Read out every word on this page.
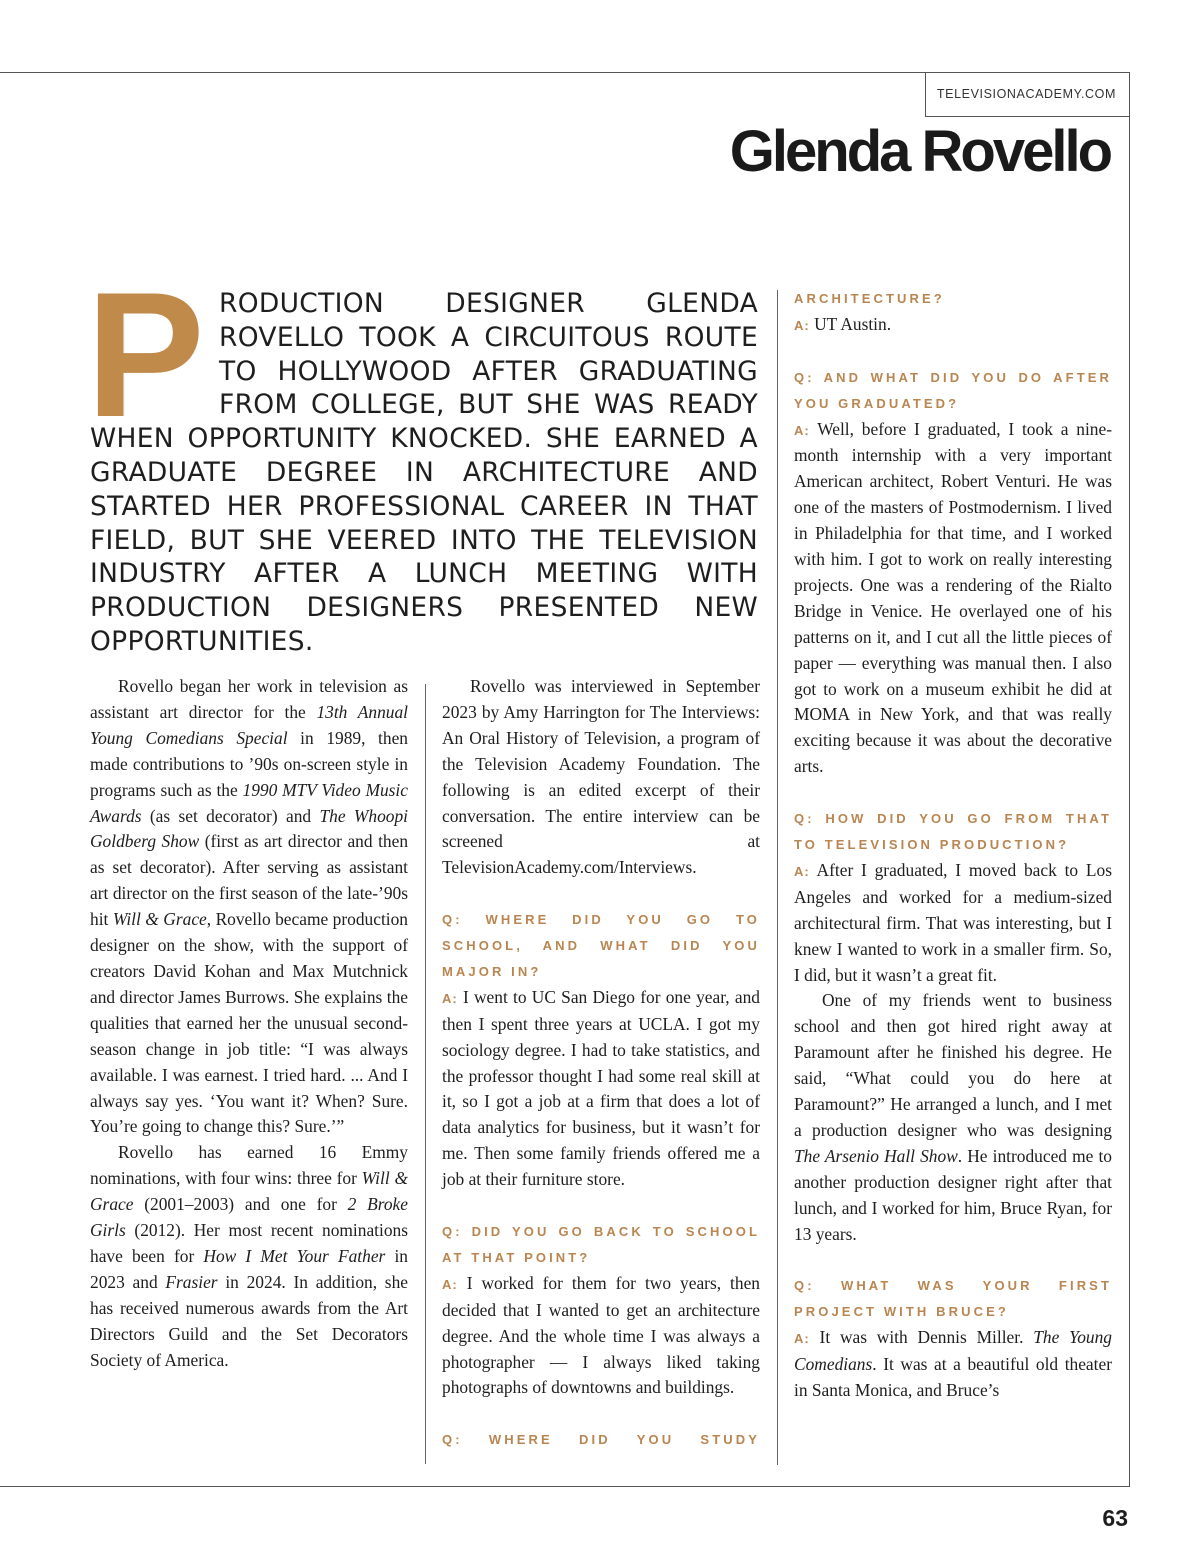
TELEVISIONACADEMY.COM
Glenda Rovello

PRODUCTION DESIGNER GLENDA ROVELLO TOOK A CIRCUITOUS ROUTE TO HOLLYWOOD AFTER GRADUATING FROM COLLEGE, BUT SHE WAS READY WHEN OPPORTUNITY KNOCKED. SHE EARNED A GRADUATE DEGREE IN ARCHITECTURE AND STARTED HER PROFESSIONAL CAREER IN THAT FIELD, BUT SHE VEERED INTO THE TELEVISION INDUSTRY AFTER A LUNCH MEETING WITH PRODUCTION DESIGNERS PRESENTED NEW OPPORTUNITIES.

Rovello began her work in television as assistant art director for the 13th Annual Young Comedians Special in 1989, then made contributions to ’90s on-screen style in programs such as the 1990 MTV Video Music Awards (as set decorator) and The Whoopi Goldberg Show (first as art director and then as set decorator). After serving as assistant art director on the first season of the late-’90s hit Will & Grace, Rovello became production designer on the show, with the support of creators David Kohan and Max Mutchnick and director James Burrows. She explains the qualities that earned her the unusual second-season change in job title: “I was always available. I was earnest. I tried hard. ... And I always say yes. ‘You want it? When? Sure. You’re going to change this? Sure.’”

Rovello has earned 16 Emmy nominations, with four wins: three for Will & Grace (2001–2003) and one for 2 Broke Girls (2012). Her most recent nominations have been for How I Met Your Father in 2023 and Frasier in 2024. In addition, she has received numerous awards from the Art Directors Guild and the Set Decorators Society of America.

Rovello was interviewed in September 2023 by Amy Harrington for The Interviews: An Oral History of Television, a program of the Television Academy Foundation. The following is an edited excerpt of their conversation. The entire interview can be screened at TelevisionAcademy.com/Interviews.

Q: WHERE DID YOU GO TO SCHOOL, AND WHAT DID YOU MAJOR IN?

A: I went to UC San Diego for one year, and then I spent three years at UCLA. I got my sociology degree. I had to take statistics, and the professor thought I had some real skill at it, so I got a job at a firm that does a lot of data analytics for business, but it wasn’t for me. Then some family friends offered me a job at their furniture store.

Q: DID YOU GO BACK TO SCHOOL AT THAT POINT?

A: I worked for them for two years, then decided that I wanted to get an architecture degree. And the whole time I was always a photographer — I always liked taking photographs of downtowns and buildings.

Q: WHERE DID YOU STUDY

ARCHITECTURE?

A: UT Austin.

Q: AND WHAT DID YOU DO AFTER YOU GRADUATED?

A: Well, before I graduated, I took a nine-month internship with a very important American architect, Robert Venturi. He was one of the masters of Postmodernism. I lived in Philadelphia for that time, and I worked with him. I got to work on really interesting projects. One was a rendering of the Rialto Bridge in Venice. He overlayed one of his patterns on it, and I cut all the little pieces of paper — everything was manual then. I also got to work on a museum exhibit he did at MOMA in New York, and that was really exciting because it was about the decorative arts.

Q: HOW DID YOU GO FROM THAT TO TELEVISION PRODUCTION?

A: After I graduated, I moved back to Los Angeles and worked for a medium-sized architectural firm. That was interesting, but I knew I wanted to work in a smaller firm. So, I did, but it wasn’t a great fit.

One of my friends went to business school and then got hired right away at Paramount after he finished his degree. He said, “What could you do here at Paramount?” He arranged a lunch, and I met a production designer who was designing The Arsenio Hall Show. He introduced me to another production designer right after that lunch, and I worked for him, Bruce Ryan, for 13 years.

Q: WHAT WAS YOUR FIRST PROJECT WITH BRUCE?

A: It was with Dennis Miller. The Young Comedians. It was at a beautiful old theater in Santa Monica, and Bruce’s

63
